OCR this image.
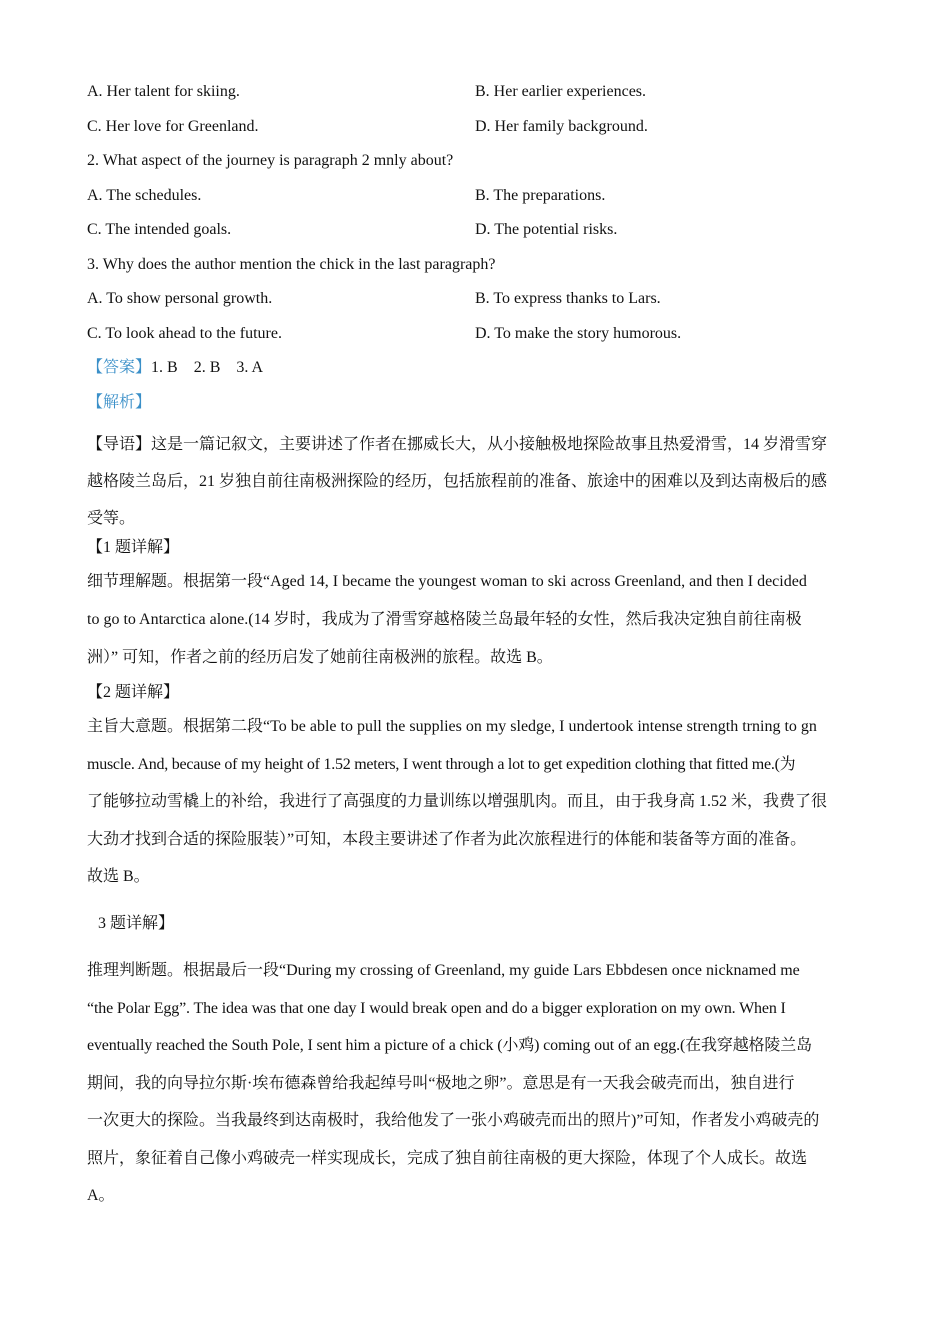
A. Her talent for skiing.	B. Her earlier experiences.
C. Her love for Greenland.	D. Her family background.
2. What aspect of the journey is paragraph 2 mnly about?
A. The schedules.	B. The preparations.
C. The intended goals.	D. The potential risks.
3. Why does the author mention the chick in the last paragraph?
A. To show personal growth.	B. To express thanks to Lars.
C. To look ahead to the future.	D. To make the story humorous.
【答案】1. B    2. B    3. A
【解析】
【导语】这是一篇记叙文，主要讲述了作者在挪威长大，从小接触极地探险故事且热爱滑雪，14 岁滑雪穿
越格陵兰岛后，21 岁独自前往南极洲探险的经历，包括旅程前的准备、旅途中的困难以及到达南极后的感
受等。
【1 题详解】
细节理解题。根据第一段“Aged 14, I became the youngest woman to ski across Greenland, and then I decided
to go to Antarctica alone.(14 岁时，我成为了滑雪穿越格陵兰岛最年轻的女性，然后我决定独自前往南极
洲）” 可知，作者之前的经历启发了她前往南极洲的旅程。故选 B。
【2 题详解】
主旨大意题。根据第二段“To be able to pull the supplies on my sledge, I undertook intense strength trning to gn
muscle. And, because of my height of 1.52 meters, I went through a lot to get expedition clothing that fitted me.(为
了能够拉动雪橇上的补给，我进行了高强度的力量训练以增强肌肉。而且，由于我身高 1.52 米，我费了很
大劲才找到合适的探险服装）”可知，本段主要讲述了作者为此次旅程进行的体能和装备等方面的准备。
故选 B。
3 题详解】
推理判断题。根据最后一段“During my crossing of Greenland, my guide Lars Ebbdesen once nicknamed me
“the Polar Egg”. The idea was that one day I would break open and do a bigger exploration on my own. When I
eventually reached the South Pole, I sent him a picture of a chick (小鸡) coming out of an egg.(在我穿越格陵兰岛
期间，我的向导拉尔斯·埃布德森曾给我起绰号叫“极地之卵”。意思是有一天我会破壳而出，独自进行
一次更大的探险。当我最终到达南极时，我给他发了一张小鸡破壳而出的照片)”可知，作者发小鸡破壳的
照片，象征着自己像小鸡破壳一样实现成长，完成了独自前往南极的更大探险，体现了个人成长。故选
A。
